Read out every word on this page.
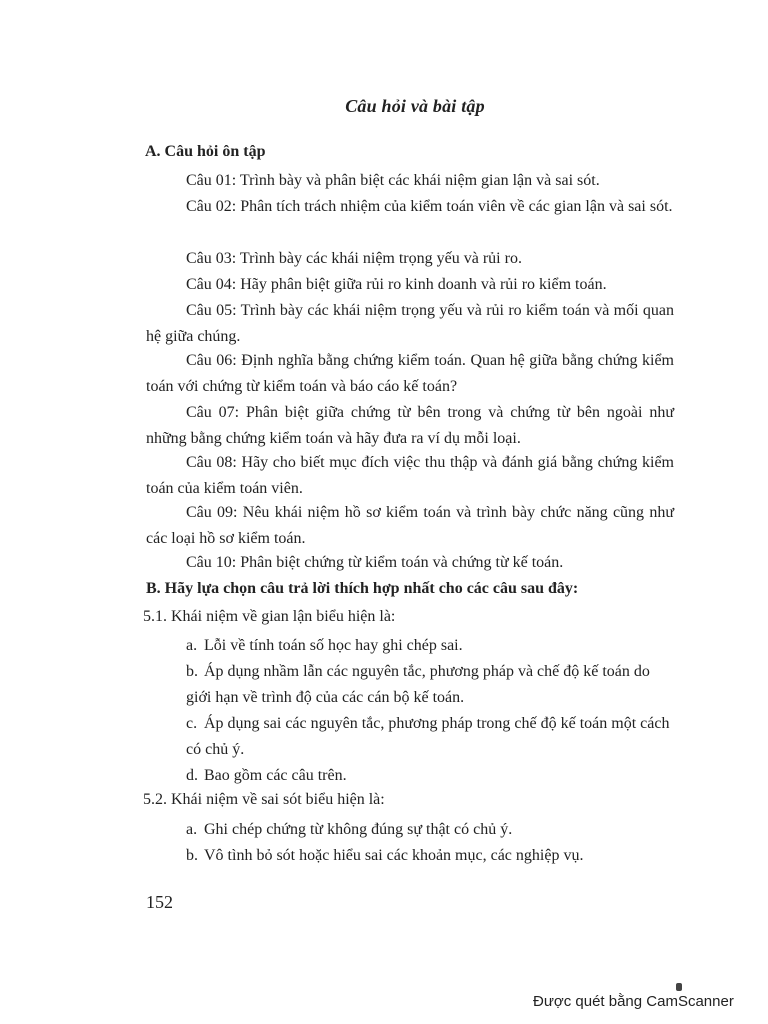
Câu hỏi và bài tập
A. Câu hỏi ôn tập
Câu 01: Trình bày và phân biệt các khái niệm gian lận và sai sót.
Câu 02: Phân tích trách nhiệm của kiểm toán viên về các gian lận và sai sót.
Câu 03: Trình bày các khái niệm trọng yếu và rủi ro.
Câu 04: Hãy phân biệt giữa rủi ro kinh doanh và rủi ro kiểm toán.
Câu 05: Trình bày các khái niệm trọng yếu và rủi ro kiểm toán và mối quan hệ giữa chúng.
Câu 06: Định nghĩa bằng chứng kiểm toán. Quan hệ giữa bằng chứng kiểm toán với chứng từ kiểm toán và báo cáo kế toán?
Câu 07: Phân biệt giữa chứng từ bên trong và chứng từ bên ngoài như những bằng chứng kiểm toán và hãy đưa ra ví dụ mỗi loại.
Câu 08: Hãy cho biết mục đích việc thu thập và đánh giá bằng chứng kiểm toán của kiểm toán viên.
Câu 09: Nêu khái niệm hồ sơ kiểm toán và trình bày chức năng cũng như các loại hồ sơ kiểm toán.
Câu 10: Phân biệt chứng từ kiểm toán và chứng từ kế toán.
B. Hãy lựa chọn câu trả lời thích hợp nhất cho các câu sau đây:
5.1. Khái niệm về gian lận biểu hiện là:
a. Lỗi về tính toán số học hay ghi chép sai.
b. Áp dụng nhầm lẫn các nguyên tắc, phương pháp và chế độ kế toán do giới hạn về trình độ của các cán bộ kế toán.
c. Áp dụng sai các nguyên tắc, phương pháp trong chế độ kế toán một cách có chủ ý.
d. Bao gồm các câu trên.
5.2. Khái niệm về sai sót biểu hiện là:
a. Ghi chép chứng từ không đúng sự thật có chủ ý.
b. Vô tình bỏ sót hoặc hiểu sai các khoản mục, các nghiệp vụ.
152
Được quét bằng CamScanner
